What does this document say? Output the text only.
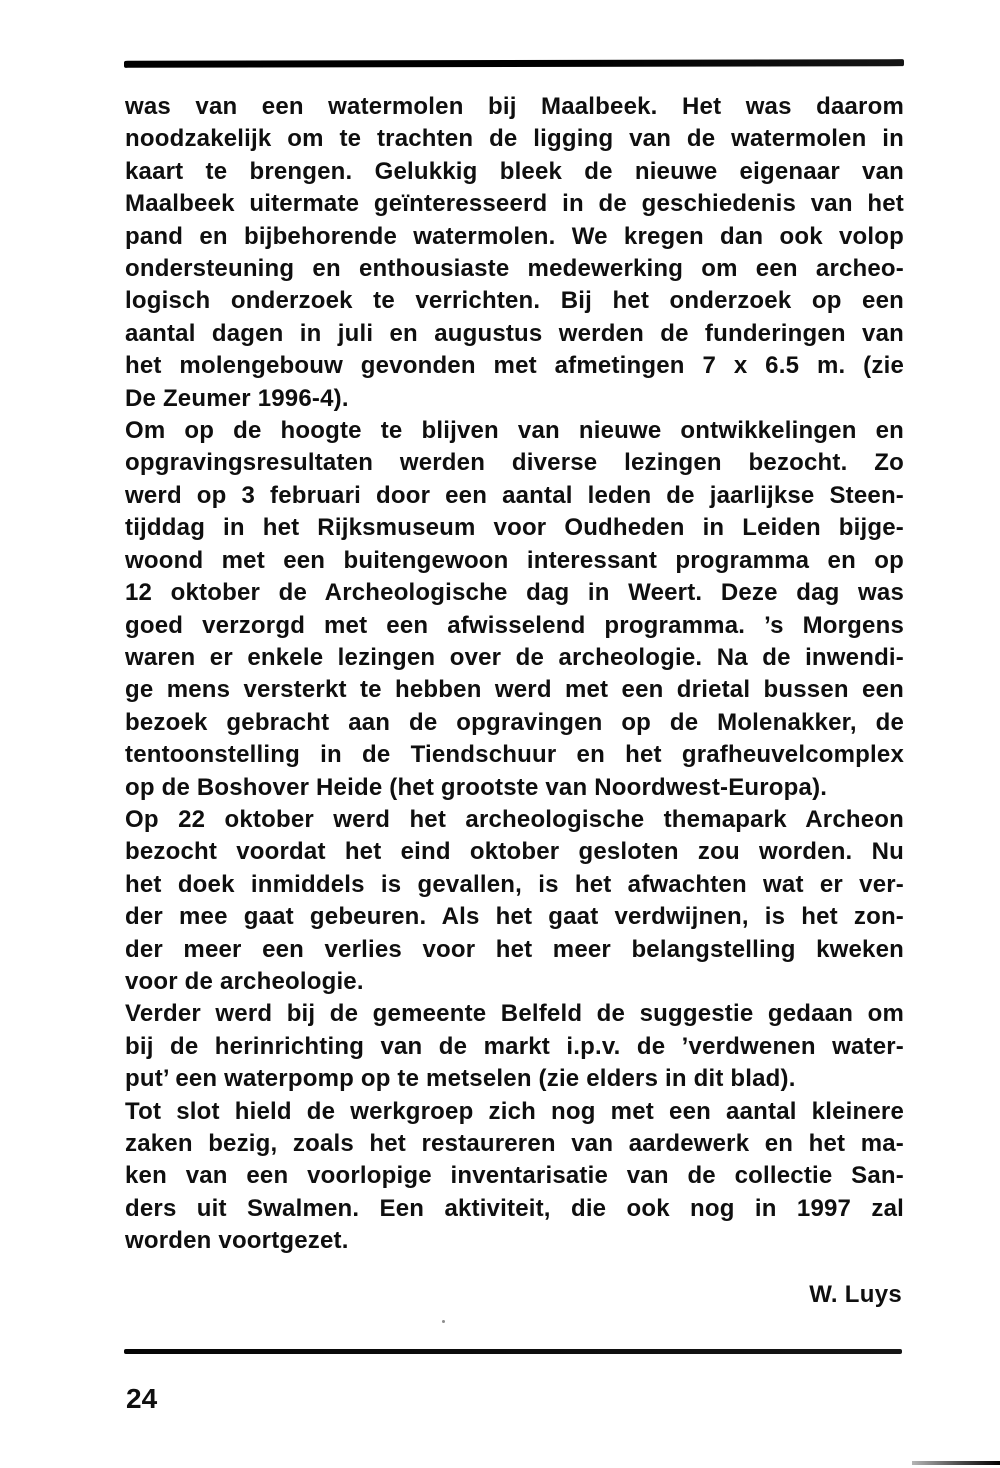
was van een watermolen bij Maalbeek. Het was daarom
noodzakelijk om te trachten de ligging van de watermolen in
kaart te brengen. Gelukkig bleek de nieuwe eigenaar van
Maalbeek uitermate geïnteresseerd in de geschiedenis van het
pand en bijbehorende watermolen. We kregen dan ook volop
ondersteuning en enthousiaste medewerking om een archeo-
logisch onderzoek te verrichten. Bij het onderzoek op een
aantal dagen in juli en augustus werden de funderingen van
het molengebouw gevonden met afmetingen 7 x 6.5 m. (zie
De Zeumer 1996-4).
Om op de hoogte te blijven van nieuwe ontwikkelingen en
opgravingsresultaten werden diverse lezingen bezocht. Zo
werd op 3 februari door een aantal leden de jaarlijkse Steen-
tijddag in het Rijksmuseum voor Oudheden in Leiden bijge-
woond met een buitengewoon interessant programma en op
12 oktober de Archeologische dag in Weert. Deze dag was
goed verzorgd met een afwisselend programma. ’s Morgens
waren er enkele lezingen over de archeologie. Na de inwendi-
ge mens versterkt te hebben werd met een drietal bussen een
bezoek gebracht aan de opgravingen op de Molenakker, de
tentoonstelling in de Tiendschuur en het grafheuvelcomplex
op de Boshover Heide (het grootste van Noordwest-Europa).
Op 22 oktober werd het archeologische themapark Archeon
bezocht voordat het eind oktober gesloten zou worden. Nu
het doek inmiddels is gevallen, is het afwachten wat er ver-
der mee gaat gebeuren. Als het gaat verdwijnen, is het zon-
der meer een verlies voor het meer belangstelling kweken
voor de archeologie.
Verder werd bij de gemeente Belfeld de suggestie gedaan om
bij de herinrichting van de markt i.p.v. de ’verdwenen water-
put’ een waterpomp op te metselen (zie elders in dit blad).
Tot slot hield de werkgroep zich nog met een aantal kleinere
zaken bezig, zoals het restaureren van aardewerk en het ma-
ken van een voorlopige inventarisatie van de collectie San-
ders uit Swalmen. Een aktiviteit, die ook nog in 1997 zal
worden voortgezet.
W. Luys
24
